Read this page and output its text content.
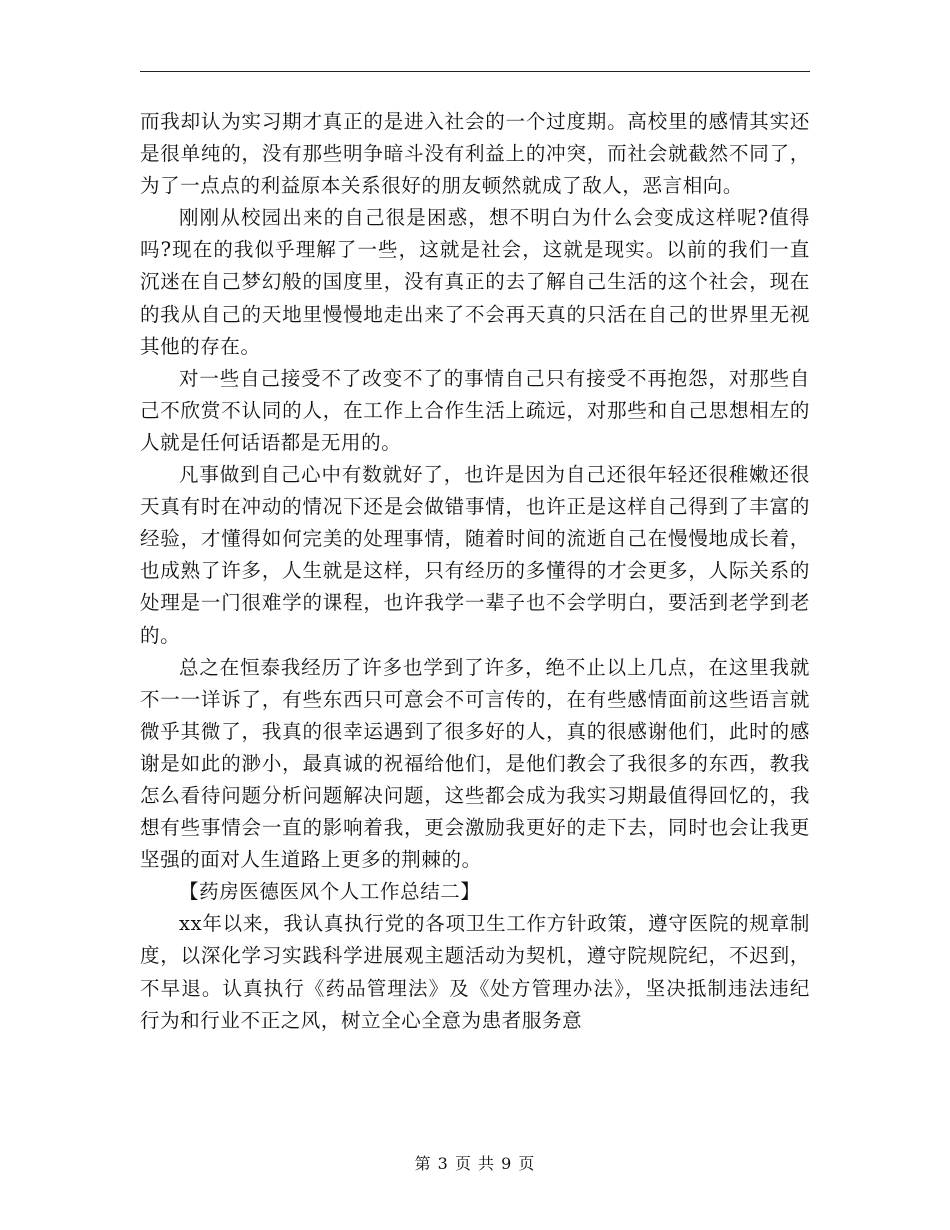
而我却认为实习期才真正的是进入社会的一个过度期。高校里的感情其实还是很单纯的，没有那些明争暗斗没有利益上的冲突，而社会就截然不同了，为了一点点的利益原本关系很好的朋友顿然就成了敌人，恶言相向。

刚刚从校园出来的自己很是困惑，想不明白为什么会变成这样呢?值得吗?现在的我似乎理解了一些，这就是社会，这就是现实。以前的我们一直沉迷在自己梦幻般的国度里，没有真正的去了解自己生活的这个社会，现在的我从自己的天地里慢慢地走出来了不会再天真的只活在自己的世界里无视其他的存在。

对一些自己接受不了改变不了的事情自己只有接受不再抱怨，对那些自己不欣赏不认同的人，在工作上合作生活上疏远，对那些和自己思想相左的人就是任何话语都是无用的。

凡事做到自己心中有数就好了，也许是因为自己还很年轻还很稚嫩还很天真有时在冲动的情况下还是会做错事情，也许正是这样自己得到了丰富的经验，才懂得如何完美的处理事情，随着时间的流逝自己在慢慢地成长着，也成熟了许多，人生就是这样，只有经历的多懂得的才会更多，人际关系的处理是一门很难学的课程，也许我学一辈子也不会学明白，要活到老学到老的。

总之在恒泰我经历了许多也学到了许多，绝不止以上几点，在这里我就不一一详诉了，有些东西只可意会不可言传的，在有些感情面前这些语言就微乎其微了，我真的很幸运遇到了很多好的人，真的很感谢他们，此时的感谢是如此的渺小，最真诚的祝福给他们，是他们教会了我很多的东西，教我怎么看待问题分析问题解决问题，这些都会成为我实习期最值得回忆的，我想有些事情会一直的影响着我，更会激励我更好的走下去，同时也会让我更坚强的面对人生道路上更多的荆棘的。

【药房医德医风个人工作总结二】

xx年以来，我认真执行党的各项卫生工作方针政策，遵守医院的规章制度，以深化学习实践科学进展观主题活动为契机，遵守院规院纪，不迟到，不早退。认真执行《药品管理法》及《处方管理办法》，坚决抵制违法违纪行为和行业不正之风，树立全心全意为患者服务意

第 3 页 共 9 页
